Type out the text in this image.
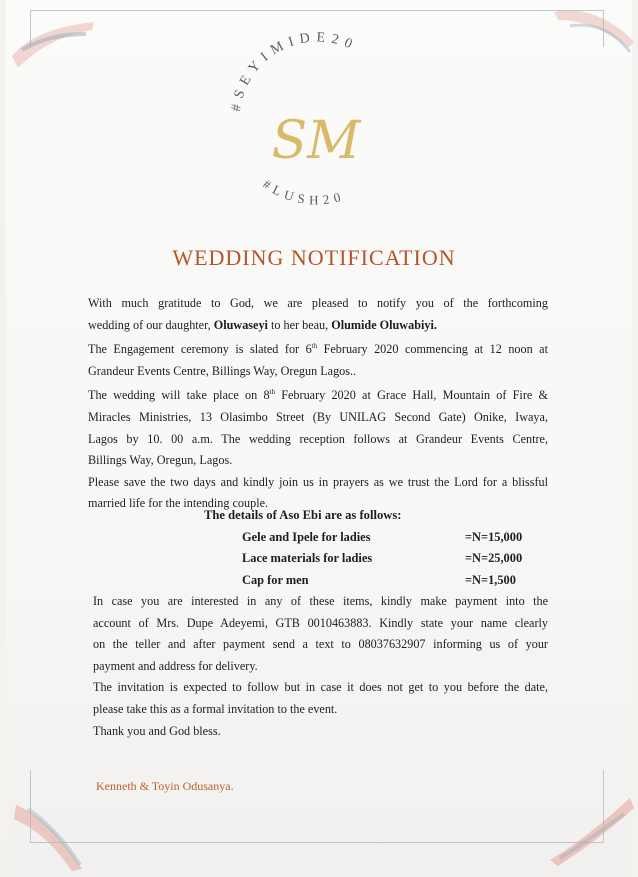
#SEYIMIDE20
#LUSH20
SM
WEDDING NOTIFICATION

With much gratitude to God, we are pleased to notify you of the forthcoming

wedding of our daughter, Oluwaseyi to her beau, Olumide Oluwabiyi.

The Engagement ceremony is slated for 6th February 2020 commencing at 12 noon at

Grandeur Events Centre, Billings Way, Oregun Lagos..

The wedding will take place on 8th February 2020 at Grace Hall, Mountain of Fire &

Miracles Ministries, 13 Olasimbo Street (By UNILAG Second Gate) Onike, Iwaya,

Lagos by 10. 00 a.m. The wedding reception follows at Grandeur Events Centre,

Billings Way, Oregun, Lagos.

Please save the two days and kindly join us in prayers as we trust the Lord for a blissful

married life for the intending couple.

The details of Aso Ebi are as follows:
Gele and Ipele for ladies	=N=15,000
Lace materials for ladies	=N=25,000
Cap for men	=N=1,500

In case you are interested in any of these items, kindly make payment into the

account of Mrs. Dupe Adeyemi, GTB 0010463883. Kindly state your name clearly

on the teller and after payment send a text to 08037632907 informing us of your

payment and address for delivery.

The invitation is expected to follow but in case it does not get to you before the date,

please take this as a formal invitation to the event.

Thank you and God bless.

Kenneth & Toyin Odusanya.
